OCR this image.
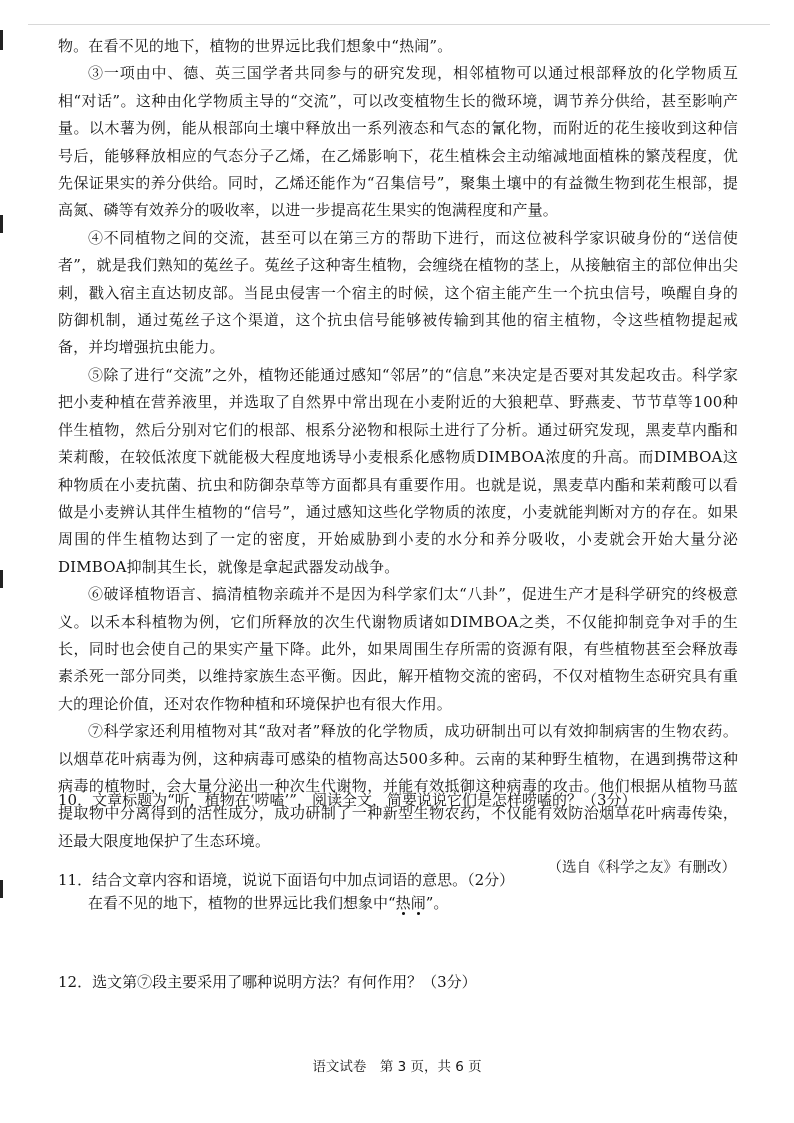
物。在看不见的地下，植物的世界远比我们想象中“热闹”。

③一项由中、德、英三国学者共同参与的研究发现，相邻植物可以通过根部释放的化学物质互相“对话”。这种由化学物质主导的“交流”，可以改变植物生长的微环境，调节养分供给，甚至影响产量。以木薯为例，能从根部向土壤中释放出一系列液态和气态的氰化物，而附近的花生接收到这种信号后，能够释放相应的气态分子乙烯，在乙烯影响下，花生植株会主动缩减地面植株的繁茂程度，优先保证果实的养分供给。同时，乙烯还能作为“召集信号”，聚集土壤中的有益微生物到花生根部，提高氮、磷等有效养分的吸收率，以进一步提高花生果实的饱满程度和产量。

④不同植物之间的交流，甚至可以在第三方的帮助下进行，而这位被科学家识破身份的“送信使者”，就是我们熟知的菟丝子。菟丝子这种寄生植物，会缠绕在植物的茎上，从接触宿主的部位伸出尖刺，戳入宿主直达韧皮部。当昆虫侵害一个宿主的时候，这个宿主能产生一个抗虫信号，唤醒自身的防御机制，通过菟丝子这个渠道，这个抗虫信号能够被传输到其他的宿主植物，令这些植物提起戒备，并均增强抗虫能力。

⑤除了进行“交流”之外，植物还能通过感知“邻居”的“信息”来决定是否要对其发起攻击。科学家把小麦种植在营养液里，并选取了自然界中常出现在小麦附近的大狼耙草、野燕麦、节节草等100种伴生植物，然后分别对它们的根部、根系分泌物和根际土进行了分析。通过研究发现，黑麦草内酯和茉莉酸，在较低浓度下就能极大程度地诱导小麦根系化感物质DIMBOA浓度的升高。而DIMBOA这种物质在小麦抗菌、抗虫和防御杂草等方面都具有重要作用。也就是说，黑麦草内酯和茉莉酸可以看做是小麦辨认其伴生植物的“信号”，通过感知这些化学物质的浓度，小麦就能判断对方的存在。如果周围的伴生植物达到了一定的密度，开始威胁到小麦的水分和养分吸收，小麦就会开始大量分泌DIMBOA抑制其生长，就像是拿起武器发动战争。

⑥破译植物语言、搞清植物亲疏并不是因为科学家们太“八卦”，促进生产才是科学研究的终极意义。以禾本科植物为例，它们所释放的次生代谢物质诸如DIMBOA之类，不仅能抑制竞争对手的生长，同时也会使自己的果实产量下降。此外，如果周围生存所需的资源有限，有些植物甚至会释放毒素杀死一部分同类，以维持家族生态平衡。因此，解开植物交流的密码，不仅对植物生态研究具有重大的理论价值，还对农作物种植和环境保护也有很大作用。

⑦科学家还利用植物对其“敌对者”释放的化学物质，成功研制出可以有效抑制病害的生物农药。以烟草花叶病毒为例，这种病毒可感染的植物高达500多种。云南的某种野生植物，在遇到携带这种病毒的植物时，会大量分泌出一种次生代谢物，并能有效抵御这种病毒的攻击。他们根据从植物马蓝提取物中分离得到的活性成分，成功研制了一种新型生物农药，不仅能有效防治烟草花叶病毒传染，还最大限度地保护了生态环境。

（选自《科学之友》有删改）

10．文章标题为“听，植物在‘唠嗑’”，阅读全文，简要说说它们是怎样唠嗑的？（3分）
11．结合文章内容和语境，说说下面语句中加点词语的意思。（2分）
在看不见的地下，植物的世界远比我们想象中“热闹”。
12．选文第⑦段主要采用了哪种说明方法？有何作用？（3分）
语文试卷　第 3 页，共 6 页
